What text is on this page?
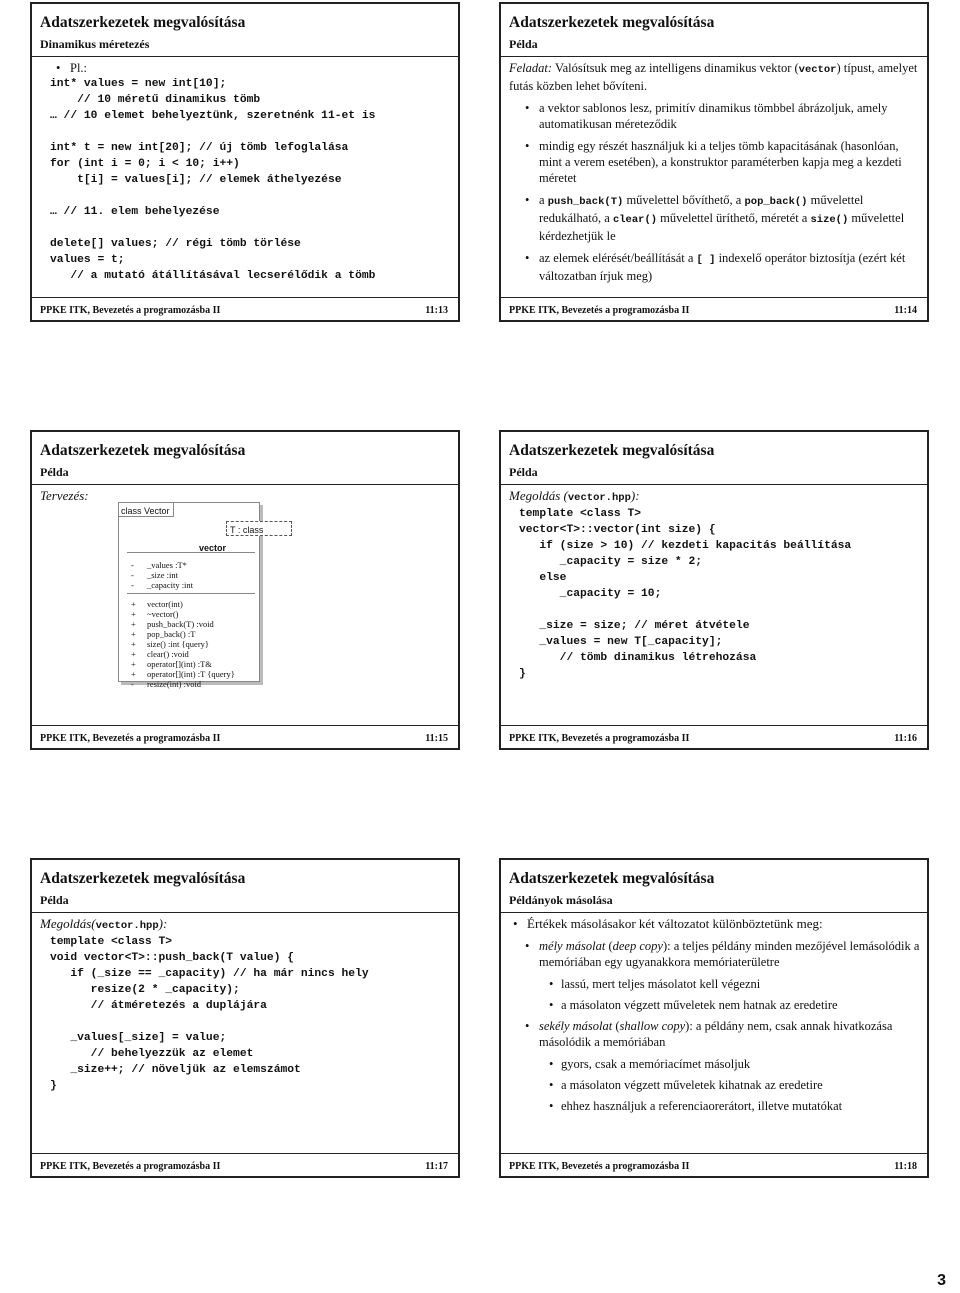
Adatszerkezetek megvalósítása
Dinamikus méretezés
• Pl.:
int* values = new int[10];
// 10 méretű dinamikus tömb
… // 10 elemet behelyeztünk, szeretnénk 11-et is

int* t = new int[20]; // új tömb lefoglalása
for (int i = 0; i < 10; i++)
t[i] = values[i]; // elemek áthelyezése

… // 11. elem behelyezése

delete[] values; // régi tömb törlése
values = t;
// a mutató átállításával lecserélődik a tömb
PPKE ITK, Bevezetés a programozásba II	11:13
Adatszerkezetek megvalósítása
Példa
Feladat: Valósítsuk meg az intelligens dinamikus vektor (vector) típust, amelyet futás közben lehet bővíteni.
• a vektor sablonos lesz, primitív dinamikus tömbbel ábrázoljuk, amely automatikusan méreteződik
• mindig egy részét használjuk ki a teljes tömb kapacitásának (hasonlóan, mint a verem esetében), a konstruktor paraméterben kapja meg a kezdeti méretet
• a push_back(T) művelettel bővíthető, a pop_back() művelettel redukálható, a clear() művelettel üríthető, méretét a size() művelettel kérdezhetjük le
• az elemek elérését/beállítását a [ ] indexelő operátor biztosítja (ezért két változatban írjuk meg)
PPKE ITK, Bevezetés a programozásba II	11:14
Adatszerkezetek megvalósítása
Példa
Tervezés:
class Vector
vector
- _values :T*
- _size :int
- _capacity :int
+ vector(int)
+ ~vector()
+ push_back(T) :void
+ pop_back() :T
+ size() :int {query}
+ clear() :void
+ operator[](int) :T&
+ operator[](int) :T {query}
- resize(int) :void
T : class
PPKE ITK, Bevezetés a programozásba II	11:15
Adatszerkezetek megvalósítása
Példa
Megoldás (vector.hpp):
template <class T>
vector<T>::vector(int size) {
if (size > 10) // kezdeti kapacitás beállítása
_capacity = size * 2;
else
_capacity = 10;

_size = size; // méret átvétele
_values = new T[_capacity];
// tömb dinamikus létrehozása
}
PPKE ITK, Bevezetés a programozásba II	11:16
Adatszerkezetek megvalósítása
Példa
Megoldás(vector.hpp):
template <class T>
void vector<T>::push_back(T value) {
if (_size == _capacity) // ha már nincs hely
resize(2 * _capacity);
// átméretezés a duplájára

_values[_size] = value;
// behelyezzük az elemet
_size++; // növeljük az elemszámot
}
PPKE ITK, Bevezetés a programozásba II	11:17
Adatszerkezetek megvalósítása
Példányok másolása
• Értékek másolásakor két változatot különböztetünk meg:
• mély másolat (deep copy): a teljes példány minden mezőjével lemásolódik a memóriában egy ugyanakkora memóriaterületre
• lassú, mert teljes másolatot kell végezni
• a másolaton végzett műveletek nem hatnak az eredetire
• sekély másolat (shallow copy): a példány nem, csak annak hivatkozása másolódik a memóriában
• gyors, csak a memóriacímet másoljuk
• a másolaton végzett műveletek kihatnak az eredetire
• ehhez használjuk a referenciaorerátort, illetve mutatókat
PPKE ITK, Bevezetés a programozásba II	11:18
3
